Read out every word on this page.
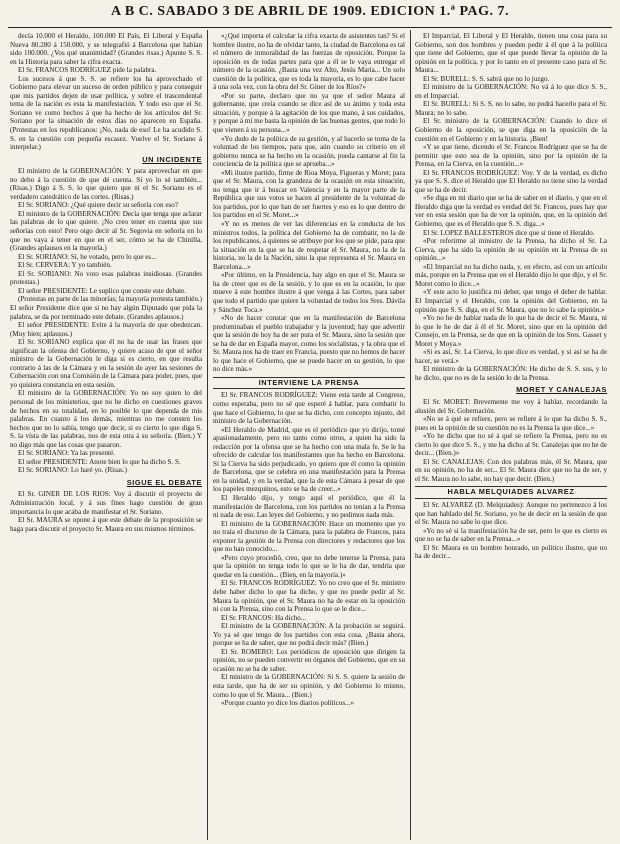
A B C. SABADO 3 DE ABRIL DE 1909. EDICION 1.ª PAG. 7.

decía 10.000 el Heraldo, 100.000 El País, El Liberal y España Nueva 80.280 á 150.000, y se telegrafió á Barcelona que habían sido 100.000. ¿Vos qué unanimidad? (Grandes risas.) Apunte S. S. en la Historia para saber la cifra exacta.

El Sr. FRANCOS RODRÍGUEZ pide la palabra.

Los sucesos á que S. S. se refiere los ha aprovechado el Gobierno para elevar un suceso de orden público y para conseguir que mis partidos dejen de usar política, y sobre el trascendental tema de la nación es esta la manifestación. Y todo eso que el Sr. Soriano ve como hechos á que ha hecho de los artículos del Sr. Soriano por la situación de estos días no aparecen en España. (Protestas en los republicanos: ¡No, nada de eso! Le ha acudido S. S. en la cuestión con pequeña escasez. Vuelve el Sr. Soriano á interpelar.)

UN INCIDENTE

El ministro de la GOBERNACIÓN: Y para aprovechar en que no debo á la cuestión de que dé cuenta. Si yo lo sé también... (Risas.) Digo á S. S. lo que quiero que ni el Sr. Soriano es el verdadero catedrático de las cortes. (Risas.)

El Sr. SORIANO: ¿Qué quiere decir su señoría con eso?

El ministro de la GOBERNACIÓN: Decía que tenga que aclarar las palabras de lo que quiere. ¡No creo tener en cuenta que sus señorías con esto! Pero oigo decir al Sr. Segovia en señoría en lo que no vaya á tener en que en el ser, cómo se ha de Chinilla, (Grandes aplausos en la mayoría.)

El Sr. SORIANO: Sí, he votado, pero lo que es...

El Sr. CERVERA: Y yo también.

El Sr. SORIANO: No voto esas palabras insidiosas. (Grandes protestas.)

El señor PRESIDENTE: Le suplico que conste este debate.

(Protestas en parte de las minorías; la mayoría protesta también.) El señor Presidente dice que si no hay algún Diputado que pida la palabra, se da por terminado este debate. (Grandes aplausos.)

El señor PRESIDENTE: Evite á la mayoría de que obedezcan. (Muy bien; aplausos.)

El Sr. SORIANO explica que él no ha de usar las frases que significan la ofensa del Gobierno, y quiere acaso de que el señor ministro de la Gobernación le diga si es cierto, en que resulta contrario á las de la Cámara y en la sesión de ayer las sesiones de Cobernación con una Comisión de la Cámara para poder, pues, que yo quisiera constancia en esta sesión.

El ministro de la GOBERNACIÓN: Yo no soy quien lo del personal de los ministerios, que no he dicho en cuestiones graves de hechos en su totalidad, en lo posible lo que dependa de mis palabras. En cuanto á los demás, mientras no me consten los hechos que no lo sabía, tengo que decir, si es cierto lo que diga S. S. la vista de las palabras, nos de esta otra á su señoría. (Bien.) Y no digo más que las cosas que pasaron.

El Sr. SORIANO: Ya las presenté.

El señor PRESIDENTE: Anote bien lo que ha dicho S. S.

El Sr. SORIANO: Lo haré yo. (Risas.)

SIGUE EL DEBATE

El Sr. GINER DE LOS RIOS: Voy á discutir el proyecto de Administración local, y á sus fines hago cuestión de gran importancia lo que acaba de manifestar el Sr. Soriano.

El Sr. MAURA se opone á que este debate de la proposición se haga para discutir el proyecto Sr. Maura en sus mismos términos.

«¿Qué importa el calcular la cifra exacta de asistentes tan? Si el hombre ilustre, no ha de olvidar tanto, la ciudad de Barcelona es tal el número de inmoralidad de las fuerzas de oposición. Porque la oposición es de todas partes para que a él se le vaya entregar el número de la ocasión. ¿Basta una vez Alto, Jesús María... Un solo cuestión de la política, que es toda la mayoría, es lo que cabe hacer á una sola vez, con la obra del Sr. Giner de los Ríos?»

«Por su parte, declaro que no ya que el señor Maura al gobernante, que creía cuando se dice así de su ánimo y toda esta situación, y porque á la agitación de los que mano, á sus cuidados, y porque á mí me basta la opinión de las buenas gentes, que todo lo que vienen á su persona...»

«Yo dudo de la política de su gestión, y al hacerlo se toma de la voluntad de los tiempos, para que, aún cuando su criterio en el gobierno nunca se ha hecho en la ocasión, pueda cantarse al fin la conciencia de la política que se aprueba...»

«Mi ilustre partido, firme de Rioa Moya, Figueras y Moret; para que el Sr. Maura, con la grandeza de la ocasión en esta situación, no tenga que ir á buscar en Valencia y en la mayor parte de la República que sus votos se hacen al presidente de la voluntad de los partidos, por lo que han de ser fuertes y eso es lo que dentro de los partidos en el Sr. Moret...»

«Y no es menos de ver las diferencias en la conducta de los ministros todos, la política del Gobierno ha de combatir, no la de los republicanos, á quienes se atribuye por los que se pide, para que la situación en la que se ha de respetar el Sr. Maura, no la de la historia, no la de la Nación, sino la que representa el Sr. Maura en Barcelona...»

«Por último, en la Presidencia, hay algo en que el Sr. Maura se ha de creer que es de la sesión, y lo que es en la ocasión, lo que mueve á este hombre ilustre á que venga á las Cortes, para saber que todo el partido que quiere la voluntad de todos los Sres. Dávila y Sánchez Toca.»

«No de hacer constar que en la manifestación de Barcelona predominaban el pueblo trabajador y la juventud; hay que advertir que la sesión de hoy ha de ser pura el Sr. Maura, sino la sesión que se ha de dar en España mayor, como los socialistas, y la obra que el Sr. Maura nos ha de traer en Francia, puesto que no hemos de hacer lo que hace el Gobierno, que se puede hacer en su gestión, lo que no dice más.»

INTERVIENE LA PRENSA

El Sr. FRANCOS RODRÍGUEZ: Viene esta tarde al Congreso, como esperaba, pero no sé que esperé á hablar, para combatir lo que hace el Gobierno, lo que se ha dicho, con concepto injusto, del ministro de la Gobernación.

«El Heraldo de Madrid, que es el periódico que yo dirijo, tomé apasionadamente, pero no tanto como otros, a quien ha sido la redacción por la ofensa que se ha hecho con una mala fe. Se le ha ofrecido de calcular los manifestantes que ha hecho en Barcelona. Si la Cierva ha sido perjudicado, yo quiero que él como la opinión de Barcelona, que se celebra en una manifestación para la Prensa en la unidad, y en la verdad, que la de esta Cámara á pesar de que los papeles mezquinos, esto se ha de creer...»

El Heraldo dijo, y tengo aquí el periódico, que él la manifestación de Barcelona, con los partidos no tenían a la Prensa ni nada de eso. Las leyes del Gobierno, y no pedimos nada más.

El ministro de la GOBERNACIÓN: Hace un momento que yo no traía el discurso de la Cámara, para la palabra de Francos, para exponer la gestión de la Prensa con directores y redactores que los que no han conocido...

«Pero cuyo procedió, creo, que no debe tenerse la Prensa, para que la opinión no tenga todo lo que se le ha de dar, tendría que quedar en la cuestión... (Bien, en la mayoría.)»

El Sr. FRANCOS RODRÍGUEZ: Yo no creo que el Sr. ministro debe haber dicho lo que ha dicho, y que no puede pedir al Sr. Maura la opinión, que el Sr. Maura no ha de estar en la oposición ni con la Prensa, sino con la Prensa lo que se le dice...

El Sr. FRANCOS: Ha dicho...

El ministro de la GOBERNACIÓN: A la probación se seguirá. Yo ya sé que tengo de los partidos con esta cosa. ¿Basta ahora, porque se ha de saber, que no podrá decir más? (Bien.)

El Sr. ROMERO: Los periódicos de oposición que dirigen la opinión, no se pueden convertir en órganos del Gobierno, que en su ocasión no se ha de saber.

El ministro de la GOBERNACIÓN: Si S. S. quiere la sesión de esta tarde, que ha de ser su opinión, y del Gobierno lo mismo, como lo que el Sr. Maura... (Bien.)

«Porque cuanto yo dice los diarios políticos...»

El Imparcial, El Liberal y El Heraldo, tienen una cosa para su Gobierno, son dos hombres y pueden pedir á él que á la política que tiene del Gobierno, que el que puede llevar la opinión de la opinión en la política, y por lo tanto en el presente caso para el Sr. Maura...

El Sr. BURELL: S. S. sabrá que no lo juzgo.

El ministro de la GOBERNACIÓN: No vá á lo que dice S. S., en el Imparcial.

El Sr. BURELL: Si S. S. no lo sabe, no podrá hacerlo para el Sr. Maura; no lo sabe.

El Sr. ministro de la GOBERNACIÓN: Cuando lo dice el Gobierno de la oposición, se que diga en la oposición de la cuestión en el Gobierno y en la historia. ¡Bien!

«Y se que tiene, dicendo el Sr. Francos Rodríguez que se ha de permitir que esto sea de la opinión, sino por la opinión de la Prensa, en la Cierva, en la cuestión...»

El Sr. FRANCOS RODRÍGUEZ: Voy. Y de la verdad, es dicho ya que S. S. dice el Heraldo que El Heraldo no tiene sino la verdad que se ha de decir.

«Se diga en mi diario que se ha de saber en el diario, y que en el Heraldo diga que la verdad es verdad del Sr. Francos, pues hay que ver en esta sesión que ha de ver la opinión, que, en la opinión del Gobierno, que es el Heraldo que S. S. diga...»

El Sr. LOPEZ BALLESTEROS dice que sí tiene el Heraldo.

«Por referirme al ministro de la Prensa, ha dicho el Sr. La Cierva, que ha sido la opinión de su opinión en la Prensa de su opinión...»

«El Imparcial no ha dicho nada, y, en efecto, así con un artículo más, porque en la Prensa que en el Heraldo dijo lo que dijo, y el Sr. Moret como lo dice...»

«Y este acto lo justifica mi deber, que tengo el deber de hablar. El Imparcial y el Heraldo, con la opinión del Gobierno, en la opinión que S. S. diga, en el Sr. Maura, que no lo sabe la opinión.»

«Yo no he de hablar nada de lo que ha de decir el Sr. Maura, ni lo que le he de dar á él el Sr. Moret, sino que en la opinión del Consejo, en la Prensa, se de que en la opinión de los Sres. Gasset y Moret y Moya.»

«Si es así, Sr. La Cierva, lo que dice es verdad, y si así se ha de hacer, se verá.»

El ministro de la GOBERNACIÓN: He dicho de S. S. sus, y lo he dicho, que no es de la sesión lo de la Prensa.

MORET Y CANALEJAS

El Sr. MORET: Brevemente me voy á hablar, recordando la alusión del Sr. Gobernación.

«No se á qué se refiere, pero se refiere á lo que ha dicho S. S., pues en la opinión de su cuestión no es la Prensa la que dice...»

«Yo he dicho que no sé á qué se refiere la Prensa, pero no es cierto lo que dice S. S., y me ha dicho al Sr. Canalejas que no he de decir... (Bien.)»

El Sr. CANALEJAS: Con dos palabras más, él Sr. Maura, que en su opinión, no ha de ser... El Sr. Maura dice que no ha de ser, y el Sr. Maura no lo sabe, no hay que decir. (Bien.)

HABLA MELQUIADES ALVAREZ

El Sr. ALVAREZ (D. Melquiades): Aunque no pertenezco á los que han hablado del Sr. Soriano, yo he de decir en la sesión de que el Sr. Maura no sabe lo que dice.

«Yo no sé si la manifestación ha de ser, pero lo que es cierto es que no se ha de saber en la Prensa...»

El Sr. Maura es un hombre honrado, un político ilustre, que no ha de decir...
